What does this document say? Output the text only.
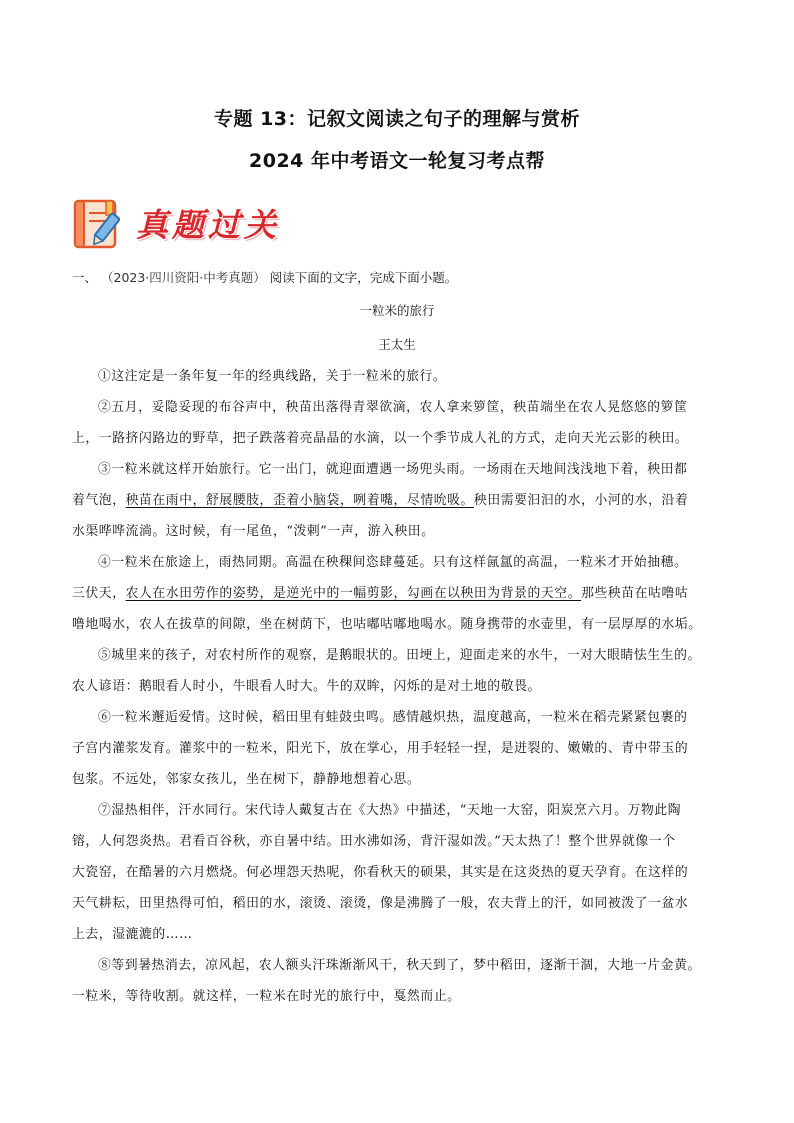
专题 13：记叙文阅读之句子的理解与赏析
2024 年中考语文一轮复习考点帮
真题过关
一、 （2023·四川资阳·中考真题） 阅读下面的文字，完成下面小题。
一粒米的旅行
王太生
①这注定是一条年复一年的经典线路，关于一粒米的旅行。
②五月，妥隐妥现的布谷声中，秧苗出落得青翠欲滴，农人拿来箩筐，秧苗端坐在农人晃悠悠的箩筐
上，一路挤闪路边的野草，把子跌落着亮晶晶的水滴，以一个季节成人礼的方式，走向天光云影的秧田。
③一粒米就这样开始旅行。它一出门，就迎面遭遇一场兜头雨。一场雨在天地间浅浅地下着，秧田都
着气泡，秧苗在雨中，舒展腰肢，歪着小脑袋，咧着嘴，尽情吮吸。秧田需要汩汩的水，小河的水，沿着
水渠哗哗流淌。这时候，有一尾鱼，“泼剌”一声，游入秧田。
④一粒米在旅途上，雨热同期。高温在秧稞间恣肆蔓延。只有这样氤氲的高温，一粒米才开始抽穗。
三伏天，农人在水田劳作的姿势，是逆光中的一幅剪影，勾画在以秧田为背景的天空。那些秧苗在咕噜咕
噜地喝水，农人在拔草的间隙，坐在树荫下，也咕嘟咕嘟地喝水。随身携带的水壶里，有一层厚厚的水垢。
⑤城里来的孩子，对农村所作的观察，是鹅眼状的。田埂上，迎面走来的水牛，一对大眼睛怯生生的。
农人谚语：鹅眼看人时小，牛眼看人时大。牛的双眸，闪烁的是对土地的敬畏。
⑥一粒米邂逅爱情。这时候，稻田里有蛙鼓虫鸣。感情越炽热，温度越高，一粒米在稻壳紧紧包裹的
子宫内灌浆发育。灌浆中的一粒米，阳光下，放在掌心，用手轻轻一捏，是迸裂的、嫩嫩的、青中带玉的
包浆。不远处，邻家女孩儿，坐在树下，静静地想着心思。
⑦湿热相伴，汗水同行。宋代诗人戴复古在《大热》中描述，“天地一大窑，阳炭烹六月。万物此陶
镕，人何怨炎热。君看百谷秋，亦自暑中结。田水沸如汤，背汗湿如泼。”天太热了！整个世界就像一个
大瓷窑，在酷暑的六月燃烧。何必埋怨天热呢，你看秋天的硕果，其实是在这炎热的夏天孕育。在这样的
天气耕耘，田里热得可怕，稻田的水，滚烫、滚烫，像是沸腾了一般，农夫背上的汗，如同被泼了一盆水
上去，湿漉漉的……
⑧等到暑热消去，凉风起，农人额头汗珠渐渐风干，秋天到了，梦中稻田，逐渐干涸，大地一片金黄。
一粒米，等待收割。就这样，一粒米在时光的旅行中，戛然而止。
